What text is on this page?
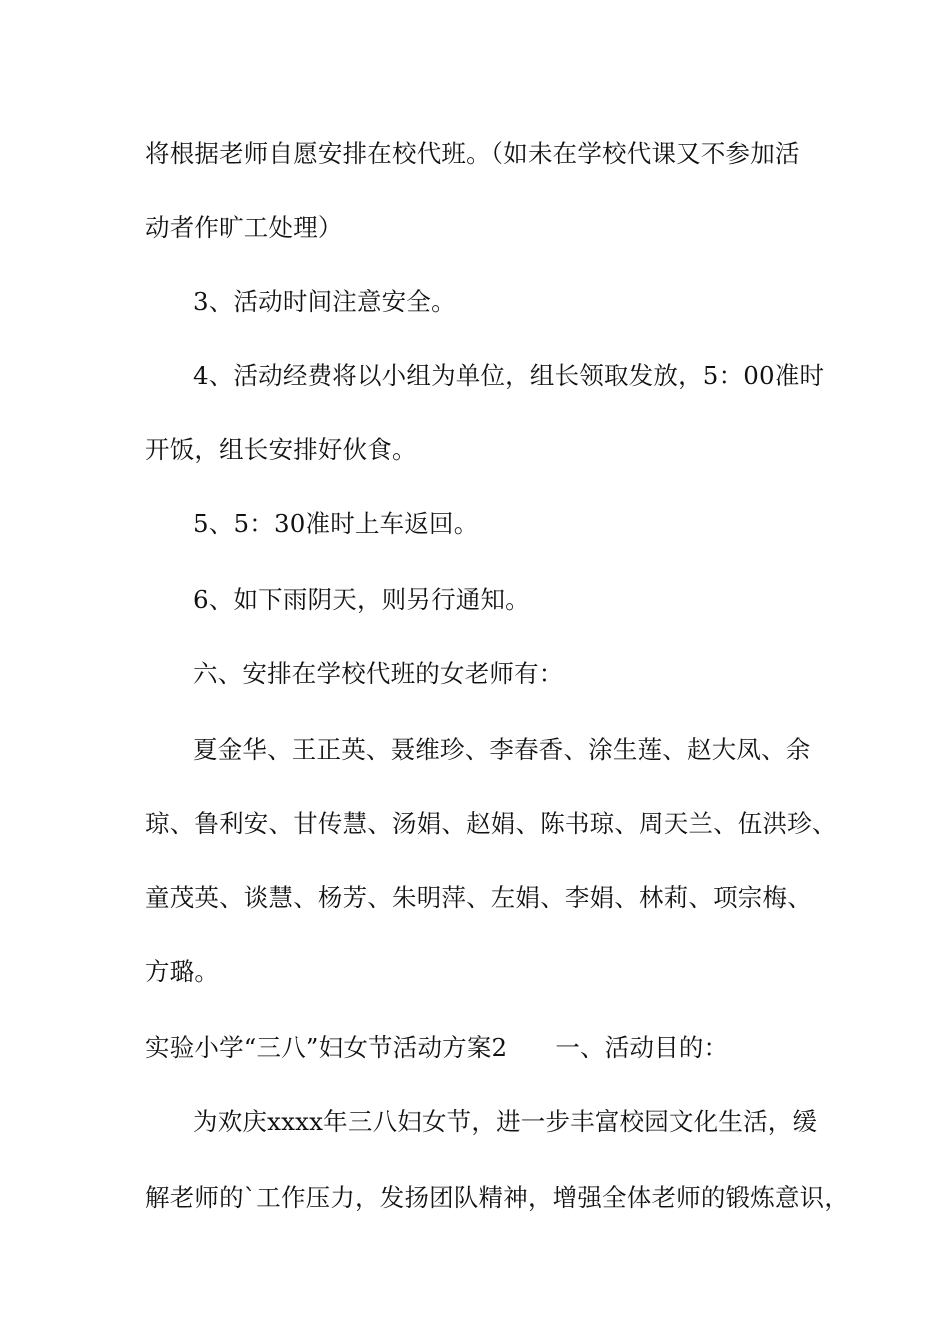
将根据老师自愿安排在校代班。（如未在学校代课又不参加活
动者作旷工处理）
3、活动时间注意安全。
4、活动经费将以小组为单位，组长领取发放，5：00准时
开饭，组长安排好伙食。
5、5：30准时上车返回。
6、如下雨阴天，则另行通知。
六、安排在学校代班的女老师有：
夏金华、王正英、聂维珍、李春香、涂生莲、赵大凤、余
琼、鲁利安、甘传慧、汤娟、赵娟、陈书琼、周天兰、伍洪珍、
童茂英、谈慧、杨芳、朱明萍、左娟、李娟、林莉、项宗梅、
方璐。
实验小学“三八”妇女节活动方案2 一、活动目的：
为欢庆xxxx年三八妇女节，进一步丰富校园文化生活，缓
解老师的`工作压力，发扬团队精神，增强全体老师的锻炼意识，
